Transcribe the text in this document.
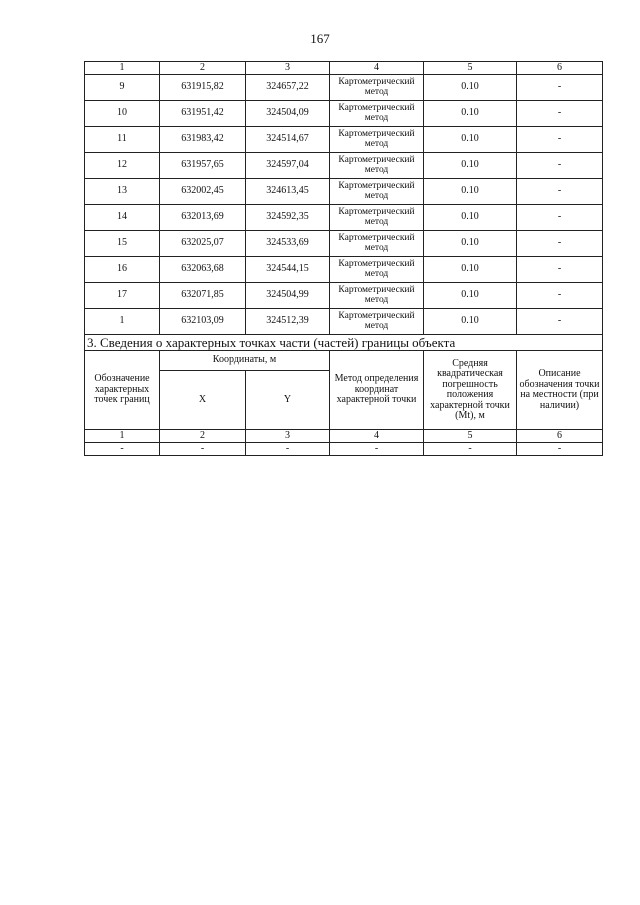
167
1	2	3	4	5	6
9	631915,82	324657,22	Картометрический метод	0.10	-
10	631951,42	324504,09	Картометрический метод	0.10	-
11	631983,42	324514,67	Картометрический метод	0.10	-
12	631957,65	324597,04	Картометрический метод	0.10	-
13	632002,45	324613,45	Картометрический метод	0.10	-
14	632013,69	324592,35	Картометрический метод	0.10	-
15	632025,07	324533,69	Картометрический метод	0.10	-
16	632063,68	324544,15	Картометрический метод	0.10	-
17	632071,85	324504,99	Картометрический метод	0.10	-
1	632103,09	324512,39	Картометрический метод	0.10	-
3. Сведения о характерных точках части (частей) границы объекта					
Обозначение характерных точек границ	Координаты, м		Метод определения координат характерной точки	Средняя квадратическая погрешность положения характерной точки (Мt), м	Описание обозначения точки на местности (при наличии)
	X	Y			
1	2	3	4	5	6
-	-	-	-	-	-
